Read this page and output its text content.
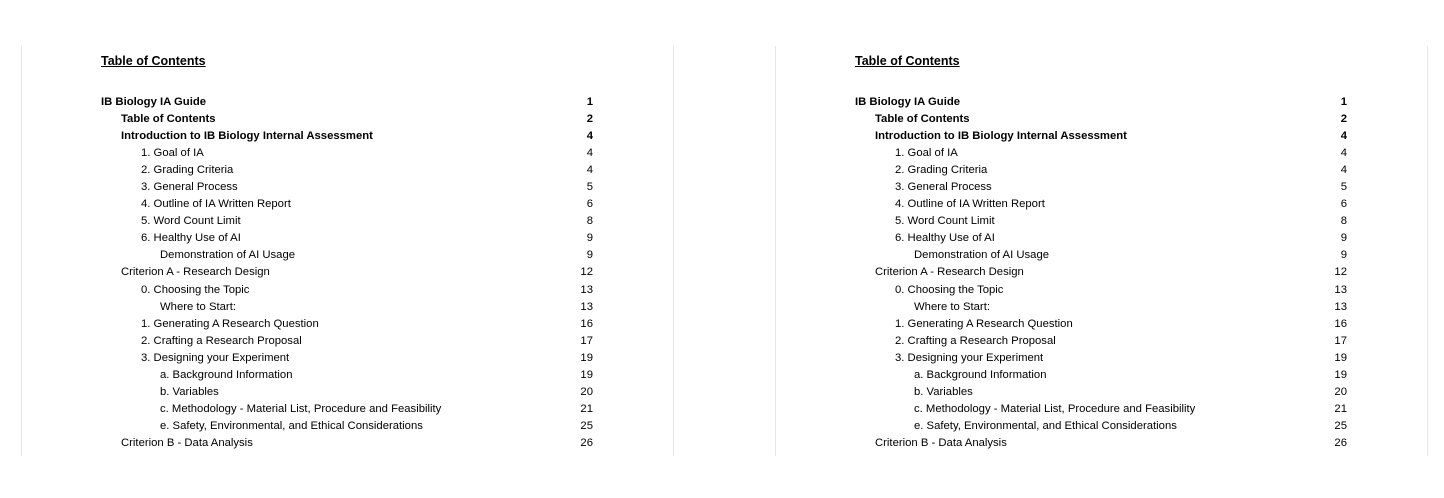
Table of Contents
IB Biology IA Guide	1
Table of Contents	2
Introduction to IB Biology Internal Assessment	4
1. Goal of IA	4
2. Grading Criteria	4
3. General Process	5
4. Outline of IA Written Report	6
5. Word Count Limit	8
6. Healthy Use of AI	9
Demonstration of AI Usage	9
Criterion A - Research Design	12
0. Choosing the Topic	13
Where to Start:	13
1. Generating A Research Question	16
2. Crafting a Research Proposal	17
3. Designing your Experiment	19
a. Background Information	19
b. Variables	20
c. Methodology - Material List, Procedure and Feasibility	21
e. Safety, Environmental, and Ethical Considerations	25
Criterion B - Data Analysis	26
Table of Contents
IB Biology IA Guide	1
Table of Contents	2
Introduction to IB Biology Internal Assessment	4
1. Goal of IA	4
2. Grading Criteria	4
3. General Process	5
4. Outline of IA Written Report	6
5. Word Count Limit	8
6. Healthy Use of AI	9
Demonstration of AI Usage	9
Criterion A - Research Design	12
0. Choosing the Topic	13
Where to Start:	13
1. Generating A Research Question	16
2. Crafting a Research Proposal	17
3. Designing your Experiment	19
a. Background Information	19
b. Variables	20
c. Methodology - Material List, Procedure and Feasibility	21
e. Safety, Environmental, and Ethical Considerations	25
Criterion B - Data Analysis	26
